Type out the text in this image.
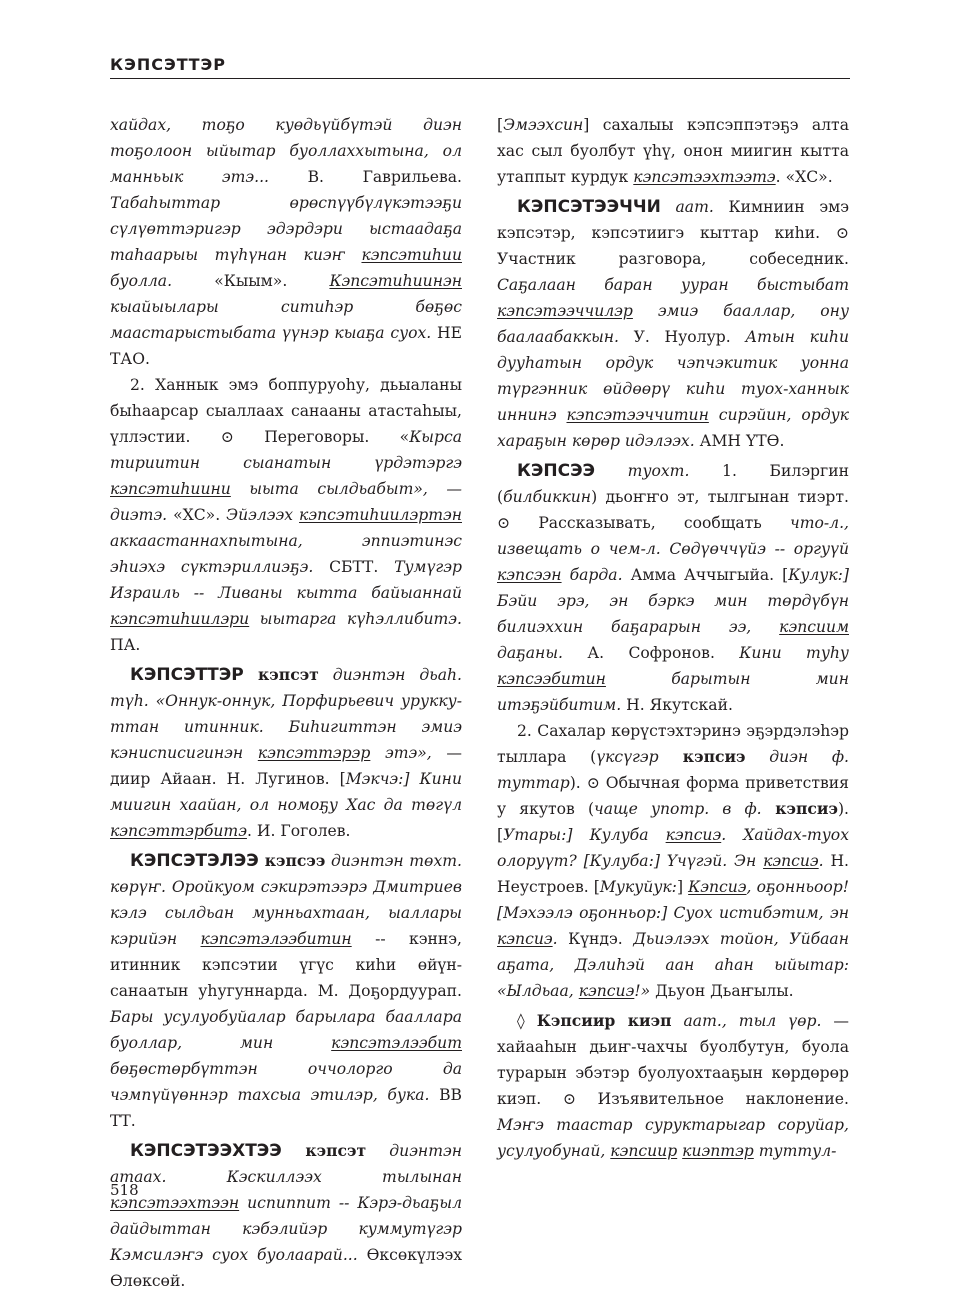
КЭПСЭТТЭР

хайдах, тоҕо куөдьүйбүтэй диэн тоҕолоон ыйытар буоллаххытына, ол манньык этэ... В. Гаврильева. Табаһыттар өрөспүүбүлүкэтээҕи сүлүөттэригэр эдэрдэри ыстаадаҕа таһаарыы түһүнан киэҥ кэпсэтиһии буолла. «Кыым». Кэпсэтиһиинэн кыайыылары ситиһэр бөҕөс маастарыстыбата үүнэр кыаҕа суох. НЕ ТАО.

2. Ханнык эмэ боппуруоһу, дьыаланы быһаарсар сыаллаах санааны атастаһыы, үллэстии. ⊙ Переговоры. «Кырса тириитин сыанатын үрдэтэргэ кэпсэтиһиини ыыта сылдьабыт», — диэтэ. «ХС». Эйэлээх кэпсэтиһиилэртэн аккаастаннахпытына, эппиэтинэс эһиэхэ сүктэриллиэҕэ. СБТТ. Тумүгэр Израиль -- Ливаны кытта байыаннай кэпсэтиһиилэри ыытарга күһэллибитэ. ПА.

КЭПСЭТТЭР кэпсэт диэнтэн дьаһ. түһ. «Оннук-оннук, Порфирьевич уруккуттан итинник. Биһигиттэн эмиэ кэнисписигинэн кэпсэттэрэр этэ», — диир Айаан. Н. Лугинов. [Мэкчэ:] Кини миигин хаайан, ол номоҕу Хас да төгүл кэпсэттэрбитэ. И. Гоголев.

КЭПСЭТЭЛЭЭ кэпсээ диэнтэн төхт. көрүҥ. Оройкуом сэкирэтээрэ Дмитриев кэлэ сылдьан мунньахтаан, ыаллары кэрийэн кэпсэтэлээбитин -- кэннэ, итинник кэпсэтии үгүс киһи өйүн-санаатын уһугуннарда. М. Доҕордуурап. Бары усулуобуйалар барылара бааллара буоллар, мин	кэпсэтэлээбит бөҕөстөрбүттэн оччолорго да чэмпүйүөннэр тахсыа этилэр, бука. ВВ ТТ.

КЭПСЭТЭЭХТЭЭ кэпсэт диэнтэн атаах. Кэскиллээх тылынан кэпсэтээхтээн испиппит -- Кэрэ-дьаҕыл дайдыттан кэбэлийэр куммутүгэр Кэмсилэҥэ суох буолаарай... Өксөкүлээх Өлөксөй.

[Эмээхсин] сахалыы кэпсэппэтэҕэ алта хас сыл буолбут үһү, онон миигин кытта утаппыт курдук кэпсэтээхтээтэ. «ХС».

КЭПСЭТЭЭЧЧИ аат. Кимниин эмэ кэпсэтэр, кэпсэтиигэ кыттар киһи. ⊙ Участник разговора, собеседник. Саҕалаан баран ууран быстыбат кэпсэтээччилэр эмиэ бааллар, ону баалаабаккын. У. Нуолур. Атын киһи дууһатын ордук чэпчэкитик уонна түргэнник өйдөөрү киһи туох-ханнык иннинэ кэпсэтээччитин сирэйин, ордук хараҕын көрөр идэлээх. АМН ҮТӨ.

КЭПСЭЭ туохт. 1. Билэргин (билбиккин) дьоҥҥо эт, тылгынан тиэрт. ⊙ Рассказывать, сообщать что-л., извещать о чем-л. Сөдүөччүйэ -- оргуүй кэпсээн барда. Амма Аччыгыйа. [Кулук:] Бэйи эрэ, эн бэркэ мин төрдүбүн билиэххин баҕарарын ээ, кэпсиим даҕаны. А. Софронов. Кини туһу кэпсээбитин барытын мин итэҕэйбитим. Н. Якутскай.

2. Сахалар көрүстэхтэринэ эҕэрдэлэһэр тыллара (үксүгэр кэпсиэ диэн ф. туттар). ⊙ Обычная форма приветствия у якутов (чаще употр. в ф. кэпсиэ). [Утары:] Кулуба кэпсиэ. Хайдах-туох олоруүт? [Кулуба:] Үчүгэй. Эн кэпсиэ. Н. Неустроев. [Мукуйук:] Кэпсиэ, оҕонньоор! [Мэхээлэ оҕонньор:] Суох истибэтим, эн кэпсиэ. Күндэ. Дьиэлээх тойон, Уйбаан аҕата, Дэлиһэй аан аһан ыйытар: «Ылдьаа, кэпсиэ!» Дьуон Дьаҥылы.

◊ Кэпсиир киэп аат., тыл үөр. — хайааһын дьиҥ-чахчы буолбутун, буола турарын эбэтэр буолуохтааҕын көрдөрөр киэп. ⊙ Изъявительное наклонение. Мэҥэ таастар суруктарыгар соруйар, усулуобунай, кэпсиир киэптэр туттул-

518
